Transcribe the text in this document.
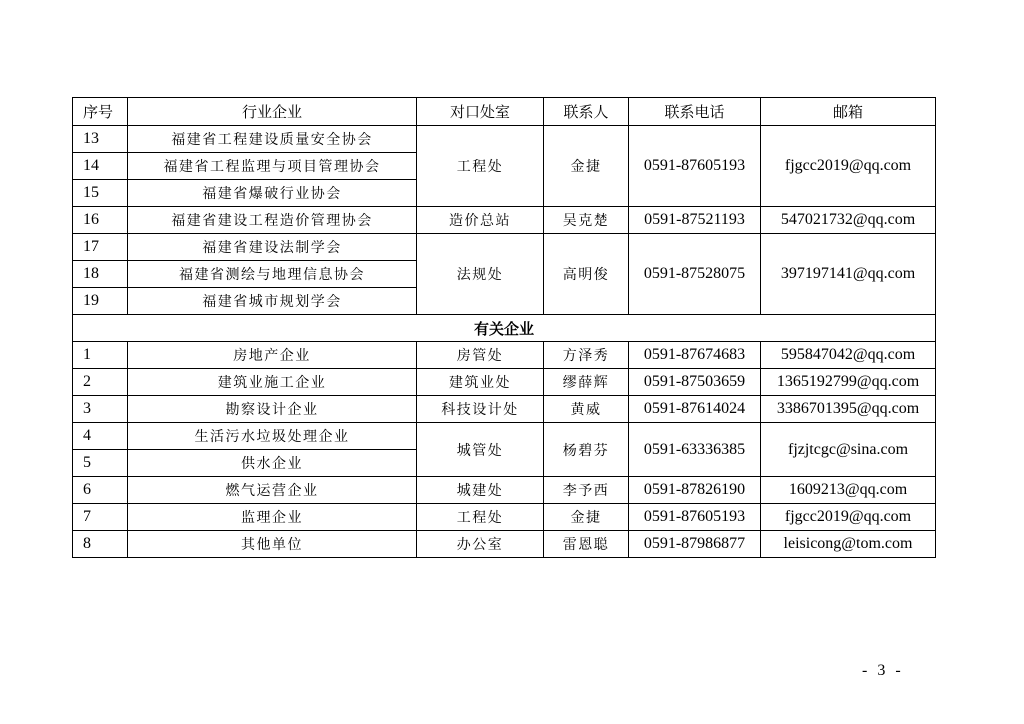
序号	行业企业	对口处室	联系人	联系电话	邮箱
13	福建省工程建设质量安全协会	工程处	金捷	0591-87605193	fjgcc2019@qq.com
14	福建省工程监理与项目管理协会				
15	福建省爆破行业协会				
16	福建省建设工程造价管理协会	造价总站	吴克楚	0591-87521193	547021732@qq.com
17	福建省建设法制学会	法规处	高明俊	0591-87528075	397197141@qq.com
18	福建省测绘与地理信息协会				
19	福建省城市规划学会				
有关企业					
1	房地产企业	房管处	方泽秀	0591-87674683	595847042@qq.com
2	建筑业施工企业	建筑业处	缪薛辉	0591-87503659	1365192799@qq.com
3	勘察设计企业	科技设计处	黄威	0591-87614024	3386701395@qq.com
4	生活污水垃圾处理企业	城管处	杨碧芬	0591-63336385	fjzjtcgc@sina.com
5	供水企业				
6	燃气运营企业	城建处	李予西	0591-87826190	1609213@qq.com
7	监理企业	工程处	金捷	0591-87605193	fjgcc2019@qq.com
8	其他单位	办公室	雷恩聪	0591-87986877	leisicong@tom.com
- 3 -
